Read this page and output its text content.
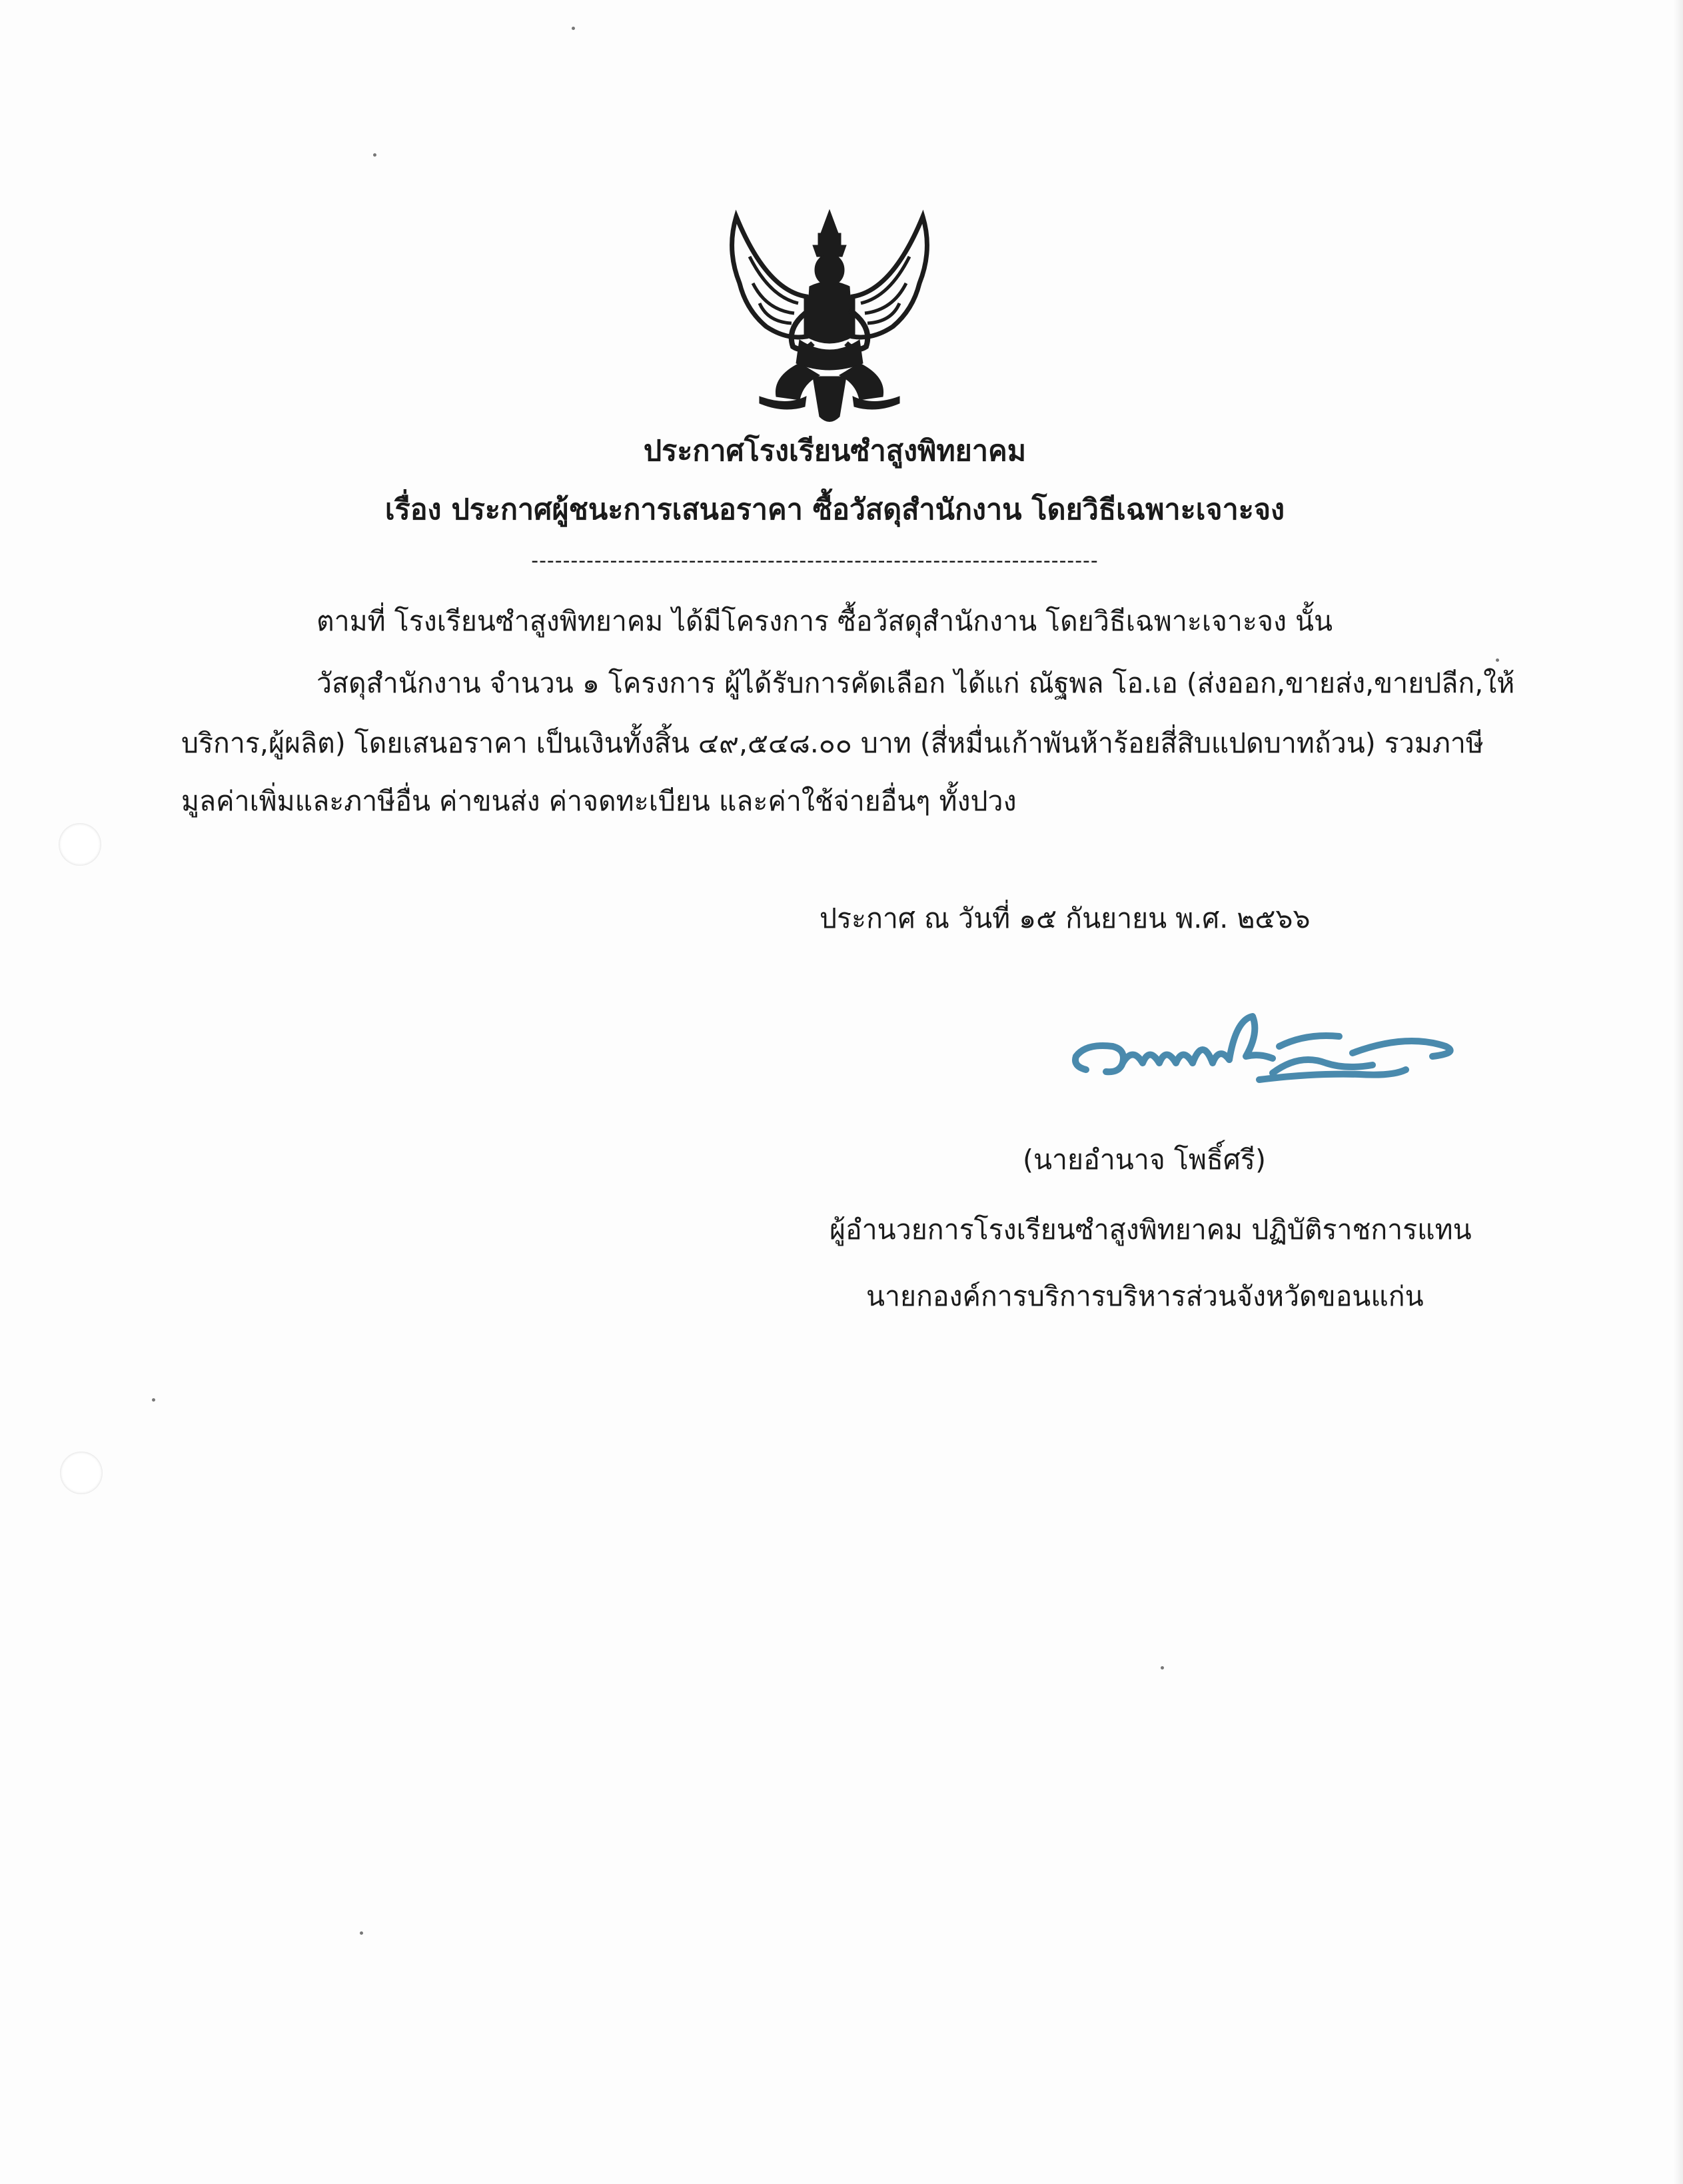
ประกาศโรงเรียนซำสูงพิทยาคม
เรื่อง ประกาศผู้ชนะการเสนอราคา ซื้อวัสดุสำนักงาน โดยวิธีเฉพาะเจาะจง
------------------------------------------------------------------------
ตามที่ โรงเรียนซำสูงพิทยาคม ได้มีโครงการ ซื้อวัสดุสำนักงาน โดยวิธีเฉพาะเจาะจง นั้น
วัสดุสำนักงาน จำนวน ๑ โครงการ ผู้ได้รับการคัดเลือก ได้แก่ ณัฐพล โอ.เอ (ส่งออก,ขายส่ง,ขายปลีก,ให้
บริการ,ผู้ผลิต) โดยเสนอราคา เป็นเงินทั้งสิ้น ๔๙,๕๔๘.๐๐ บาท (สี่หมื่นเก้าพันห้าร้อยสี่สิบแปดบาทถ้วน) รวมภาษี
มูลค่าเพิ่มและภาษีอื่น ค่าขนส่ง ค่าจดทะเบียน และค่าใช้จ่ายอื่นๆ ทั้งปวง
ประกาศ ณ วันที่ ๑๕ กันยายน พ.ศ. ๒๕๖๖
(นายอำนาจ โพธิ์ศรี)
ผู้อำนวยการโรงเรียนซำสูงพิทยาคม ปฏิบัติราชการแทน
นายกองค์การบริการบริหารส่วนจังหวัดขอนแก่น
